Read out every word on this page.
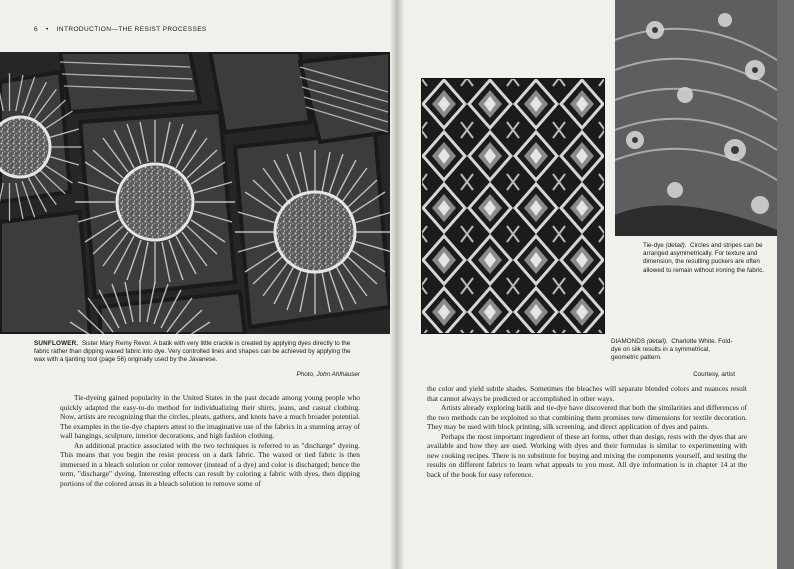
6 • INTRODUCTION—THE RESIST PROCESSES
SUNFLOWER. Sister Mary Remy Revor. A batik with very little crackle is created by applying dyes directly to the fabric rather than dipping waxed fabric into dye. Very controlled lines and shapes can be achieved by applying the wax with a tjanting tool (page 56) originally used by the Javanese.
Photo, John Ahlhauser

Tie-dyeing gained popularity in the United States in the past decade among young people who quickly adapted the easy-to-do method for individualizing their shirts, jeans, and casual clothing. Now, artists are recognizing that the circles, pleats, gathers, and knots have a much broader potential. The examples in the tie-dye chapters attest to the imaginative use of the fabrics in a stunning array of wall hangings, sculpture, interior decorations, and high fashion clothing.

An additional practice associated with the two techniques is referred to as "discharge" dyeing. This means that you begin the resist process on a dark fabric. The waxed or tied fabric is then immersed in a bleach solution or color remover (instead of a dye) and color is discharged; hence the term, "discharge" dyeing. Interesting effects can result by coloring a fabric with dyes, then dipping portions of the colored areas in a bleach solution to remove some of

Tie-dye (detail). Circles and stripes can be arranged asymmetrically. For texture and dimension, the resulting puckers are often allowed to remain without ironing the fabric.
DIAMONDS (detail). Charlotte White. Fold-dye on silk results in a symmetrical, geometric pattern.
Courtesy, artist

the color and yield subtle shades. Sometimes the bleaches will separate blended colors and nuances result that cannot always be predicted or accomplished in other ways.

Artists already exploring batik and tie-dye have discovered that both the similarities and differences of the two methods can be exploited so that combining them promises new dimensions for textile decoration. They may be used with block printing, silk screening, and direct application of dyes and paints.

Perhaps the most important ingredient of these art forms, other than design, rests with the dyes that are available and how they are used. Working with dyes and their formulas is similar to experimenting with new cooking recipes. There is no substitute for buying and mixing the components yourself, and testing the results on different fabrics to learn what appeals to you most. All dye information is in chapter 14 at the back of the book for easy reference.
